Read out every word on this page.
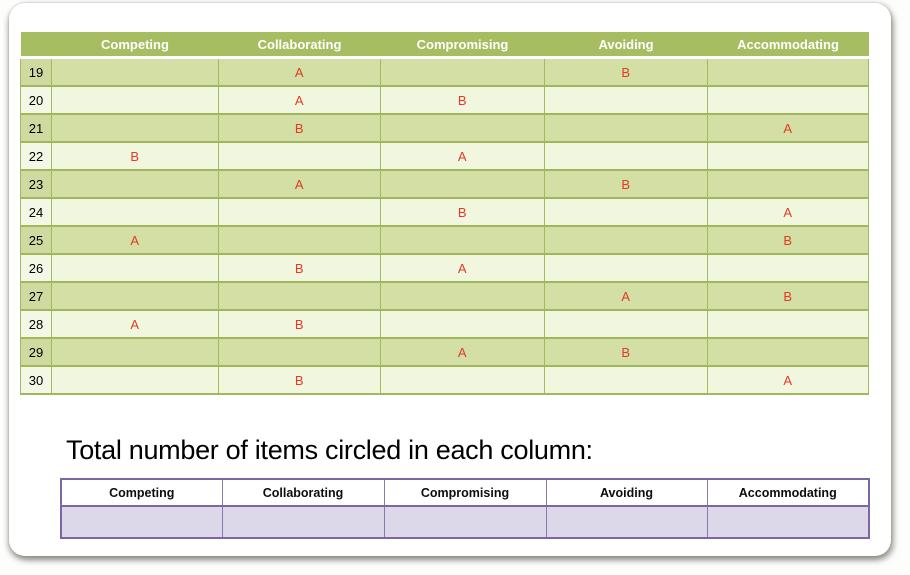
	Competing	Collaborating	Compromising	Avoiding	Accommodating
19		A		B	
20		A	B		
21		B			A
22	B		A		
23		A		B	
24			B		A
25	A				B
26		B	A		
27				A	B
28	A	B			
29			A	B	
30		B			A
Total number of items circled in each column:
Competing	Collaborating	Compromising	Avoiding	Accommodating
